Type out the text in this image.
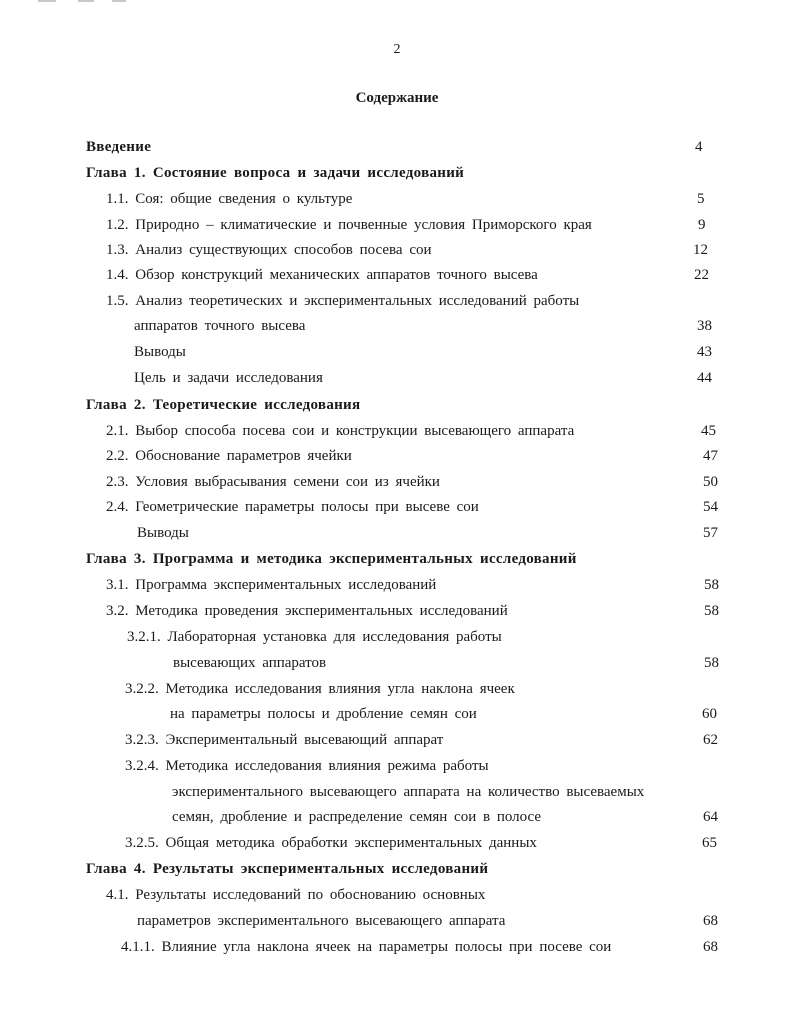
2
Содержание
Введение	4
Глава 1. Состояние вопроса и задачи исследований
1.1. Соя: общие сведения о культуре	5
1.2. Природно – климатические и почвенные условия Приморского края	9
1.3. Анализ существующих способов посева сои	12
1.4. Обзор конструкций механических аппаратов точного высева	22
1.5. Анализ теоретических и экспериментальных исследований работы
аппаратов точного высева	38
Выводы	43
Цель и задачи исследования	44
Глава 2. Теоретические исследования
2.1. Выбор способа посева сои и конструкции высевающего аппарата	45
2.2. Обоснование параметров ячейки	47
2.3. Условия выбрасывания семени сои из ячейки	50
2.4. Геометрические параметры полосы при высеве сои	54
Выводы	57
Глава 3. Программа и методика экспериментальных исследований
3.1. Программа экспериментальных исследований	58
3.2. Методика проведения экспериментальных исследований	58
3.2.1. Лабораторная установка для исследования работы
высевающих аппаратов	58
3.2.2. Методика исследования влияния угла наклона ячеек
на параметры полосы и дробление семян сои	60
3.2.3. Экспериментальный высевающий аппарат	62
3.2.4. Методика исследования влияния режима работы
экспериментального высевающего аппарата на количество высеваемых
семян, дробление и распределение семян сои в полосе	64
3.2.5. Общая методика обработки экспериментальных данных	65
Глава 4. Результаты экспериментальных исследований
4.1. Результаты исследований по обоснованию основных
параметров экспериментального высевающего аппарата	68
4.1.1. Влияние угла наклона ячеек на параметры полосы при посеве сои	68
